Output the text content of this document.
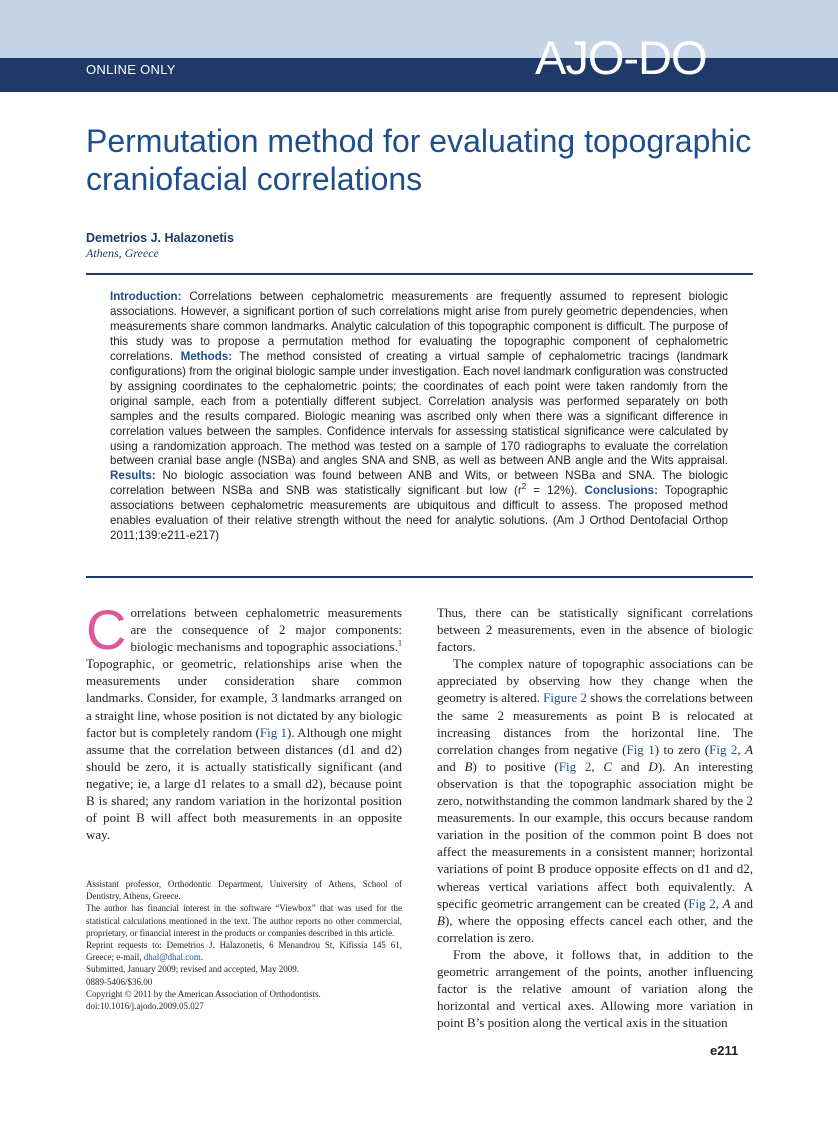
ONLINE ONLY	AJO-DO
Permutation method for evaluating topographic craniofacial correlations
Demetrios J. Halazonetis
Athens, Greece
Introduction: Correlations between cephalometric measurements are frequently assumed to represent biologic associations. However, a significant portion of such correlations might arise from purely geometric dependencies, when measurements share common landmarks. Analytic calculation of this topographic component is difficult. The purpose of this study was to propose a permutation method for evaluating the topographic component of cephalometric correlations. Methods: The method consisted of creating a virtual sample of cephalometric tracings (landmark configurations) from the original biologic sample under investigation. Each novel landmark configuration was constructed by assigning coordinates to the cephalometric points; the coordinates of each point were taken randomly from the original sample, each from a potentially different subject. Correlation analysis was performed separately on both samples and the results compared. Biologic meaning was ascribed only when there was a significant difference in correlation values between the samples. Confidence intervals for assessing statistical significance were calculated by using a randomization approach. The method was tested on a sample of 170 radiographs to evaluate the correlation between cranial base angle (NSBa) and angles SNA and SNB, as well as between ANB angle and the Wits appraisal. Results: No biologic association was found between ANB and Wits, or between NSBa and SNA. The biologic correlation between NSBa and SNB was statistically significant but low $(r^2 = 12\%)$. Conclusions: Topographic associations between cephalometric measurements are ubiquitous and difficult to assess. The proposed method enables evaluation of their relative strength without the need for analytic solutions. (Am J Orthod Dentofacial Orthop 2011;139:e211-e217)

Correlations between cephalometric measurements are the consequence of 2 major components: biologic mechanisms and topographic associations.$^1$ Topographic, or geometric, relationships arise when the measurements under consideration share common landmarks. Consider, for example, 3 landmarks arranged on a straight line, whose position is not dictated by any biologic factor but is completely random (Fig 1). Although one might assume that the correlation between distances (d1 and d2) should be zero, it is actually statistically significant (and negative; ie, a large d1 relates to a small d2), because point B is shared; any random variation in the horizontal position of point B will affect both measurements in an opposite way.

Thus, there can be statistically significant correlations between 2 measurements, even in the absence of biologic factors.

The complex nature of topographic associations can be appreciated by observing how they change when the geometry is altered. Figure 2 shows the correlations between the same 2 measurements as point B is relocated at increasing distances from the horizontal line. The correlation changes from negative (Fig 1) to zero (Fig 2, A and B) to positive (Fig 2, C and D). An interesting observation is that the topographic association might be zero, notwithstanding the common landmark shared by the 2 measurements. In our example, this occurs because random variation in the position of the common point B does not affect the measurements in a consistent manner; horizontal variations of point B produce opposite effects on d1 and d2, whereas vertical variations affect both equivalently. A specific geometric arrangement can be created (Fig 2, A and B), where the opposing effects cancel each other, and the correlation is zero.

From the above, it follows that, in addition to the geometric arrangement of the points, another influencing factor is the relative amount of variation along the horizontal and vertical axes. Allowing more variation in point B’s position along the vertical axis in the situation

Assistant professor, Orthodontic Department, University of Athens, School of Dentistry, Athens, Greece.

The author has financial interest in the software “Viewbox” that was used for the statistical calculations mentioned in the text. The author reports no other commercial, proprietary, or financial interest in the products or companies described in this article.

Reprint requests to: Demetrios J. Halazonetis, 6 Menandrou St, Kifissia 145 61, Greece; e-mail, dhal@dhal.com.

Submitted, January 2009; revised and accepted, May 2009.

0889-5406/$36.00

Copyright © 2011 by the American Association of Orthodontists.

doi:10.1016/j.ajodo.2009.05.027

e211
